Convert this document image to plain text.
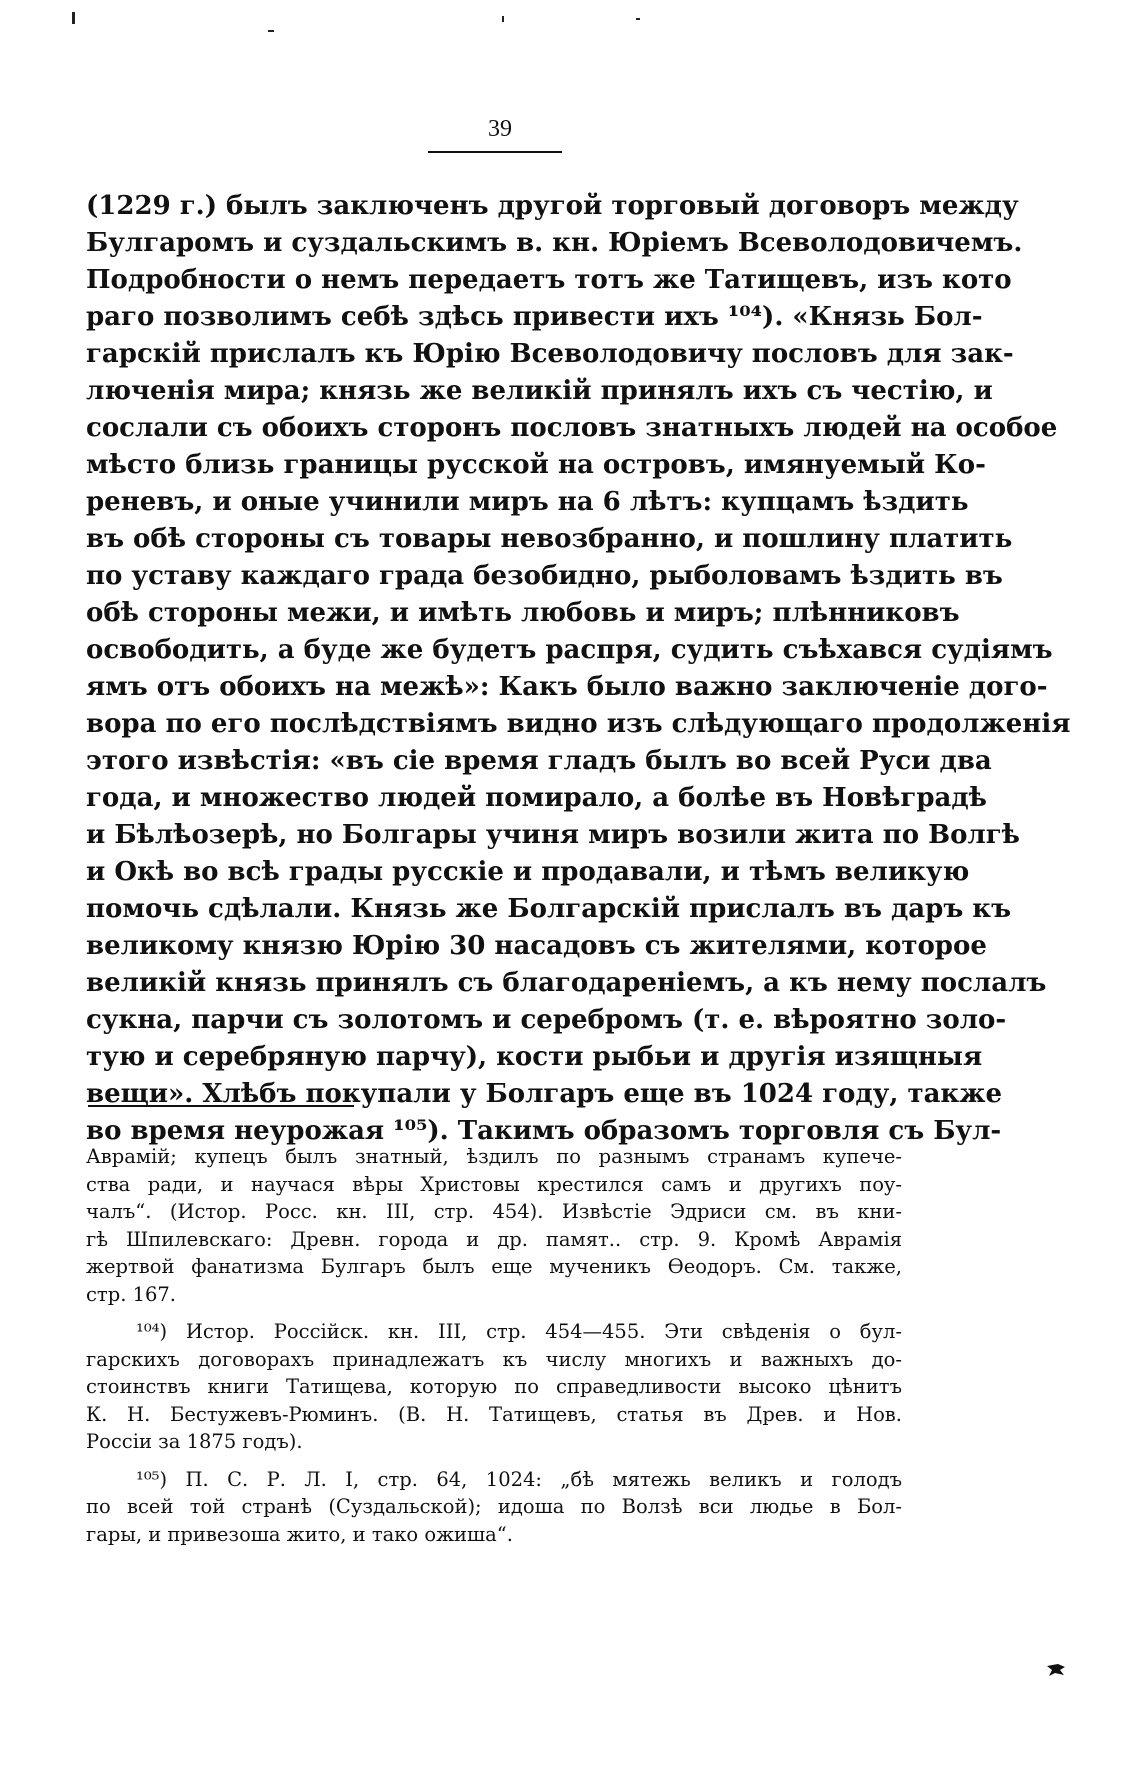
39
(1229 г.) былъ заключенъ другой торговый договоръ между
Булгаромъ и суздальскимъ в. кн. Юріемъ Всеволодовичемъ.
Подробности о немъ передаетъ тотъ же Татищевъ, изъ кото
раго позволимъ себѣ здѣсь привести ихъ ¹⁰⁴). «Князь Бол-
гарскій прислалъ къ Юрію Всеволодовичу пословъ для зак-
люченія мира; князь же великій принялъ ихъ съ честію, и
сослали съ обоихъ сторонъ пословъ знатныхъ людей на особое
мѣсто близь границы русской на островъ, имянуемый Ко-
реневъ, и оные учинили миръ на 6 лѣтъ: купцамъ ѣздить
въ обѣ стороны съ товары невозбранно, и пошлину платить
по уставу каждаго града безобидно, рыболовамъ ѣздить въ
обѣ стороны межи, и имѣть любовь и миръ; плѣнниковъ
освободить, а буде же будетъ распря, судить съѣхався судіямъ
ямъ отъ обоихъ на межѣ»: Какъ было важно заключеніе дого-
вора по его послѣдствіямъ видно изъ слѣдующаго продолженія
этого извѣстія: «въ сіе время гладъ былъ во всей Руси два
года, и множество людей помирало, а болѣе въ Новѣградѣ
и Бѣлѣозерѣ, но Болгары учиня миръ возили жита по Волгѣ
и Окѣ во всѣ грады русскіе и продавали, и тѣмъ великую
помочь сдѣлали. Князь же Болгарскій прислалъ въ даръ къ
великому князю Юрію 30 насадовъ съ жителями, которое
великій князь принялъ съ благодареніемъ, а къ нему послалъ
сукна, парчи съ золотомъ и серебромъ (т. е. вѣроятно золо-
тую и серебряную парчу), кости рыбьи и другія изящныя
вещи». Хлѣбъ покупали у Болгаръ еще въ 1024 году, также
во время неурожая ¹⁰⁵). Такимъ образомъ торговля съ Бул-
Аврамій; купецъ былъ знатный, ѣздилъ по разнымъ странамъ купече-
ства ради, и научася вѣры Христовы крестился самъ и другихъ поу-
чалъ“. (Истор. Росс. кн. III, стр. 454). Извѣстіе Эдриси см. въ кни-
гѣ Шпилевскаго: Древн. города и др. памят.. стр. 9. Кромѣ Аврамія
жертвой фанатизма Булгаръ былъ еще мученикъ Ѳеодоръ. См. также,
стр. 167.
¹⁰⁴) Истор. Россійск. кн. III, стр. 454—455. Эти свѣденія о бул-
гарскихъ договорахъ принадлежатъ къ числу многихъ и важныхъ до-
стоинствъ книги Татищева, которую по справедливости высоко цѣнитъ
К. Н. Бестужевъ-Рюминъ. (В. Н. Татищевъ, статья въ Древ. и Нов.
Россіи за 1875 годъ).
¹⁰⁵) П. С. Р. Л. I, стр. 64, 1024: „бѣ мятежь великъ и голодъ
по всей той странѣ (Суздальской); идоша по Волзѣ вси людье в Бол-
гары, и привезоша жито, и тако ожиша“.
